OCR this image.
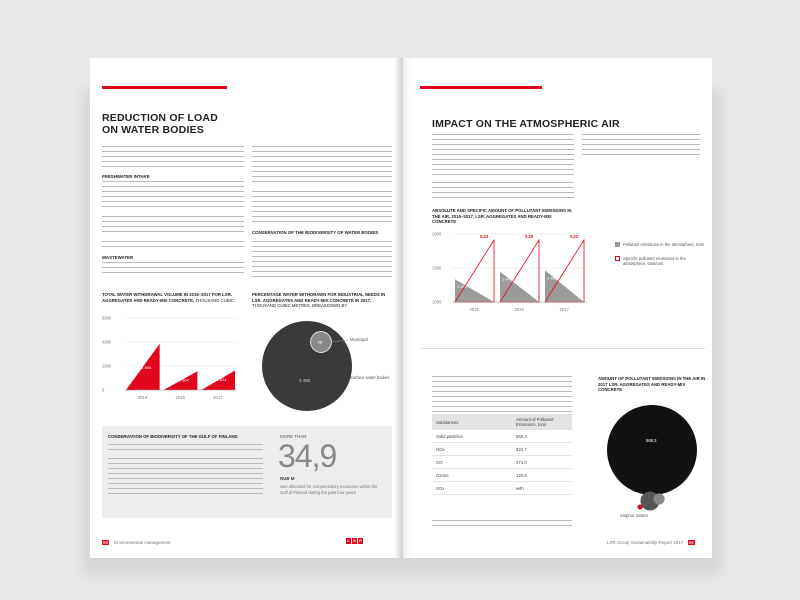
REDUCTION OF LOAD
ON WATER BODIES
FRESHWATER INTAKE
WASTEWATER
CONSERVATION OF THE BIODIVERSITY OF WATER BODIES
TOTAL WATER WITHDRAWAL VOLUME IN 2015–2017 FOR LSR. AGGREGATES AND READY-MIX CONCRETE, THOUSAND CUBIC
0
2000
4000
6000
3 854
2015
1 564
2016
1 624
2017
PERCENTAGE WATER WITHDRAWN FOR INDUSTRIAL NEEDS IN LSR. AGGREGATES AND READY-MIX CONCRETE IN 2017, THOUSAND CUBIC METRES, BREAKDOWN BY
98
3 480
Municipal
Surface water bodies
CONSERVATION OF BIODIVERSITY OF THE GULF OF FINLAND	MORE THAN
34,9
RUB M
was allocated for compensatory measures within the Gulf of Finland during the past four years
58 Environmental management	L S R
IMPACT ON THE ATMOSPHERIC AIR
ABSOLUTE AND SPECIFIC AMOUNT OF POLLUTANT EMISSIONS IN THE AIR, 2015–2017, LSR. AGGREGATES AND READY-MIX CONCRETE
1000
1500
2000
1 335
0,23
2015
1 447
0,25
2016
1 465
0,22
2017
Pollutant emissions in the atmosphere, tons
Specific pollutant emissions in the atmosphere, tons/unit
Substances	Amount of Pollutant Emissions, tons
Solid particles	568,3
NOx	324,7
CO	274,0
Ozone	125,6
SOx	with
AMOUNT OF POLLUTANT EMISSIONS IN THE AIR IN 2017 LSR. AGGREGATES AND READY-MIX CONCRETE
568,3
Sulphur oxides
LSR Group Sustainability Report 2017 59
